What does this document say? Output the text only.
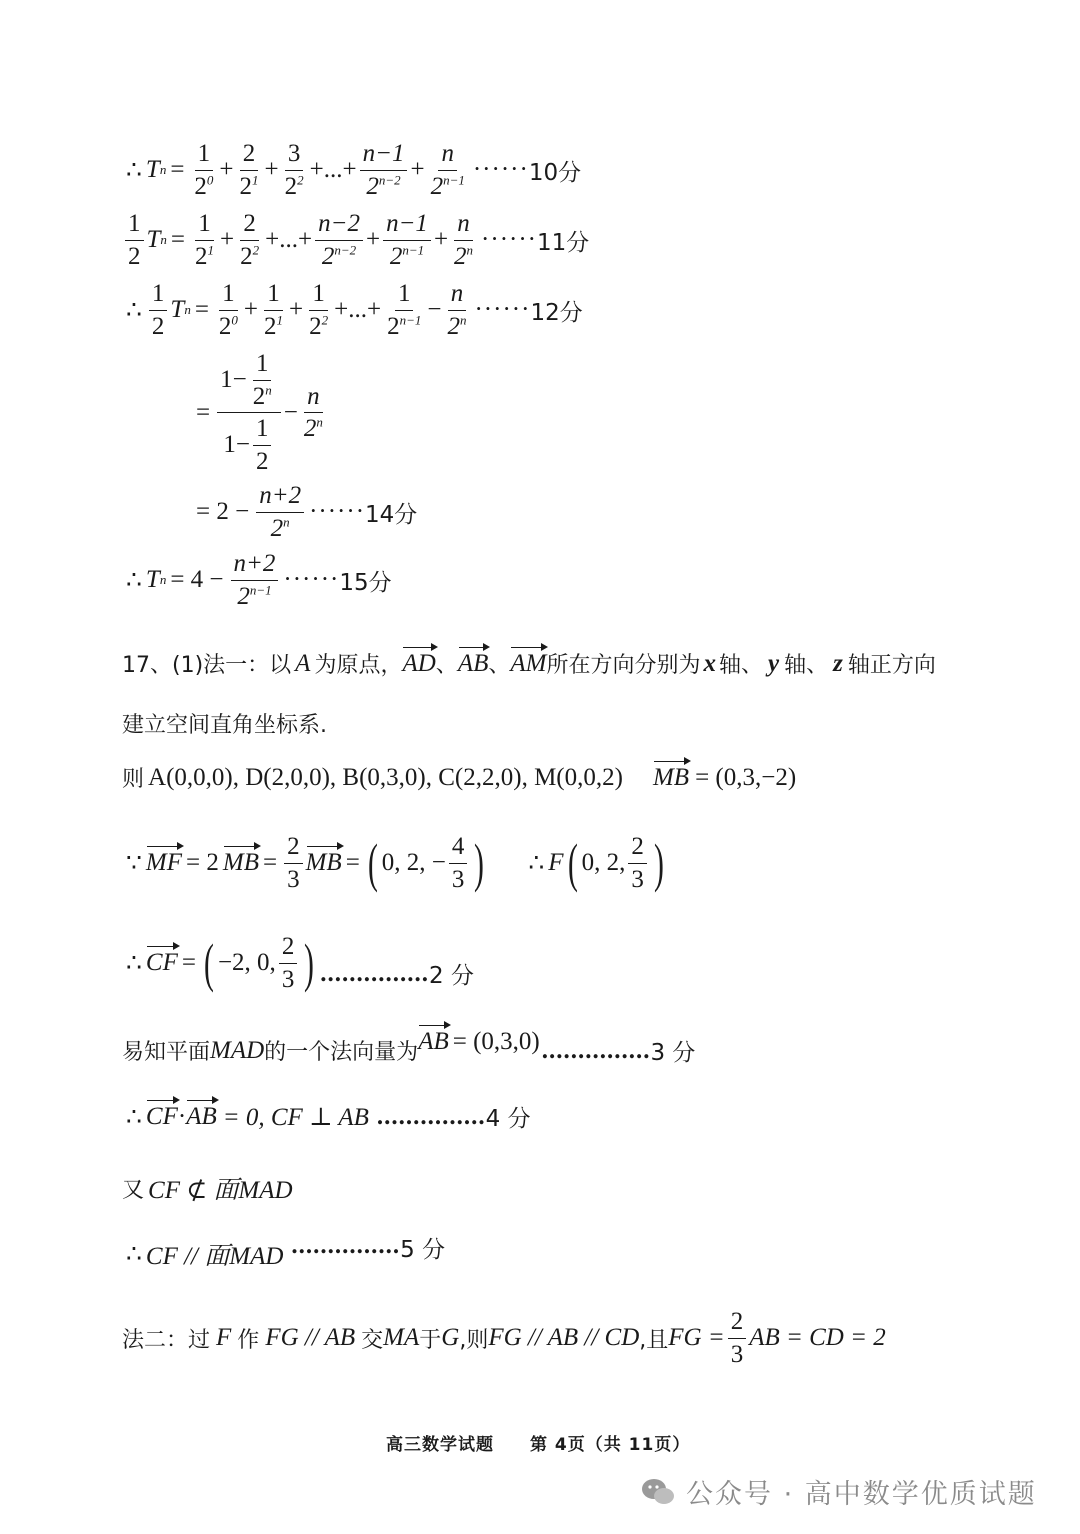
∴ T $n = \frac{1}{2^0} + \frac{2}{2^1} + \frac{3}{2^2}$ +...+ $\frac{n-1}{2^{n-2}} + \frac{n}{2^{n-1}}$ ······ 10分
$\frac{1}{2}$ T $n = \frac{1}{2^1} + \frac{2}{2^2}$ +...+ $\frac{n-2}{2^{n-2}} + \frac{n-1}{2^{n-1}} + \frac{n}{2^n}$ ······ 11分
∴ $\frac{1}{2}$ T $n = \frac{1}{2^0} + \frac{1}{2^1} + \frac{1}{2^2}$ +...+ $\frac{1}{2^{n-1}} - \frac{n}{2^n}$ ······ 12分
= $\frac{1- \frac{1}{2^n}}{1- \frac{1}{2}} - \frac{n}{2^n}$
= $2 - \frac{n+2}{2^n}$ ······ 14分
∴ T $n = 4 - \frac{n+2}{2^{n-1}}$ ······ 15分
17、(1)法一：以 A 为原点， AD 、 AB 、 AM 所在方向分别为 x 轴、 y 轴、 z 轴正方向
建立空间直角坐标系.
则 A(0,0,0), D(2,0,0), B(0,3,0), C(2,2,0), M(0,0,2) MB = (0,3,−2)
∵ MF = 2 MB = $\frac{2}{3}$ MB = ( 0, 2, − $\frac{4}{3}$ ) ∴ F ( 0, 2, $\frac{2}{3}$ )
∴ CF = ( −2, 0, $\frac{2}{3}$ ) ............... 2 分
易知平面 MAD 的一个法向量为 AB = (0,3,0) ............... 3 分
∴ CF · AB = 0, CF ⊥ AB ............... 4 分
又 CF ⊄ 面MAD
∴ CF // 面MAD ............... 5 分
法二：过 F 作 FG // AB 交 MA 于 G ,则 FG // AB // CD ,且 FG = $\frac{2}{3}$ AB = CD = 2
高三数学试题　　第 4页（共 11页）
公众号 · 高中数学优质试题
